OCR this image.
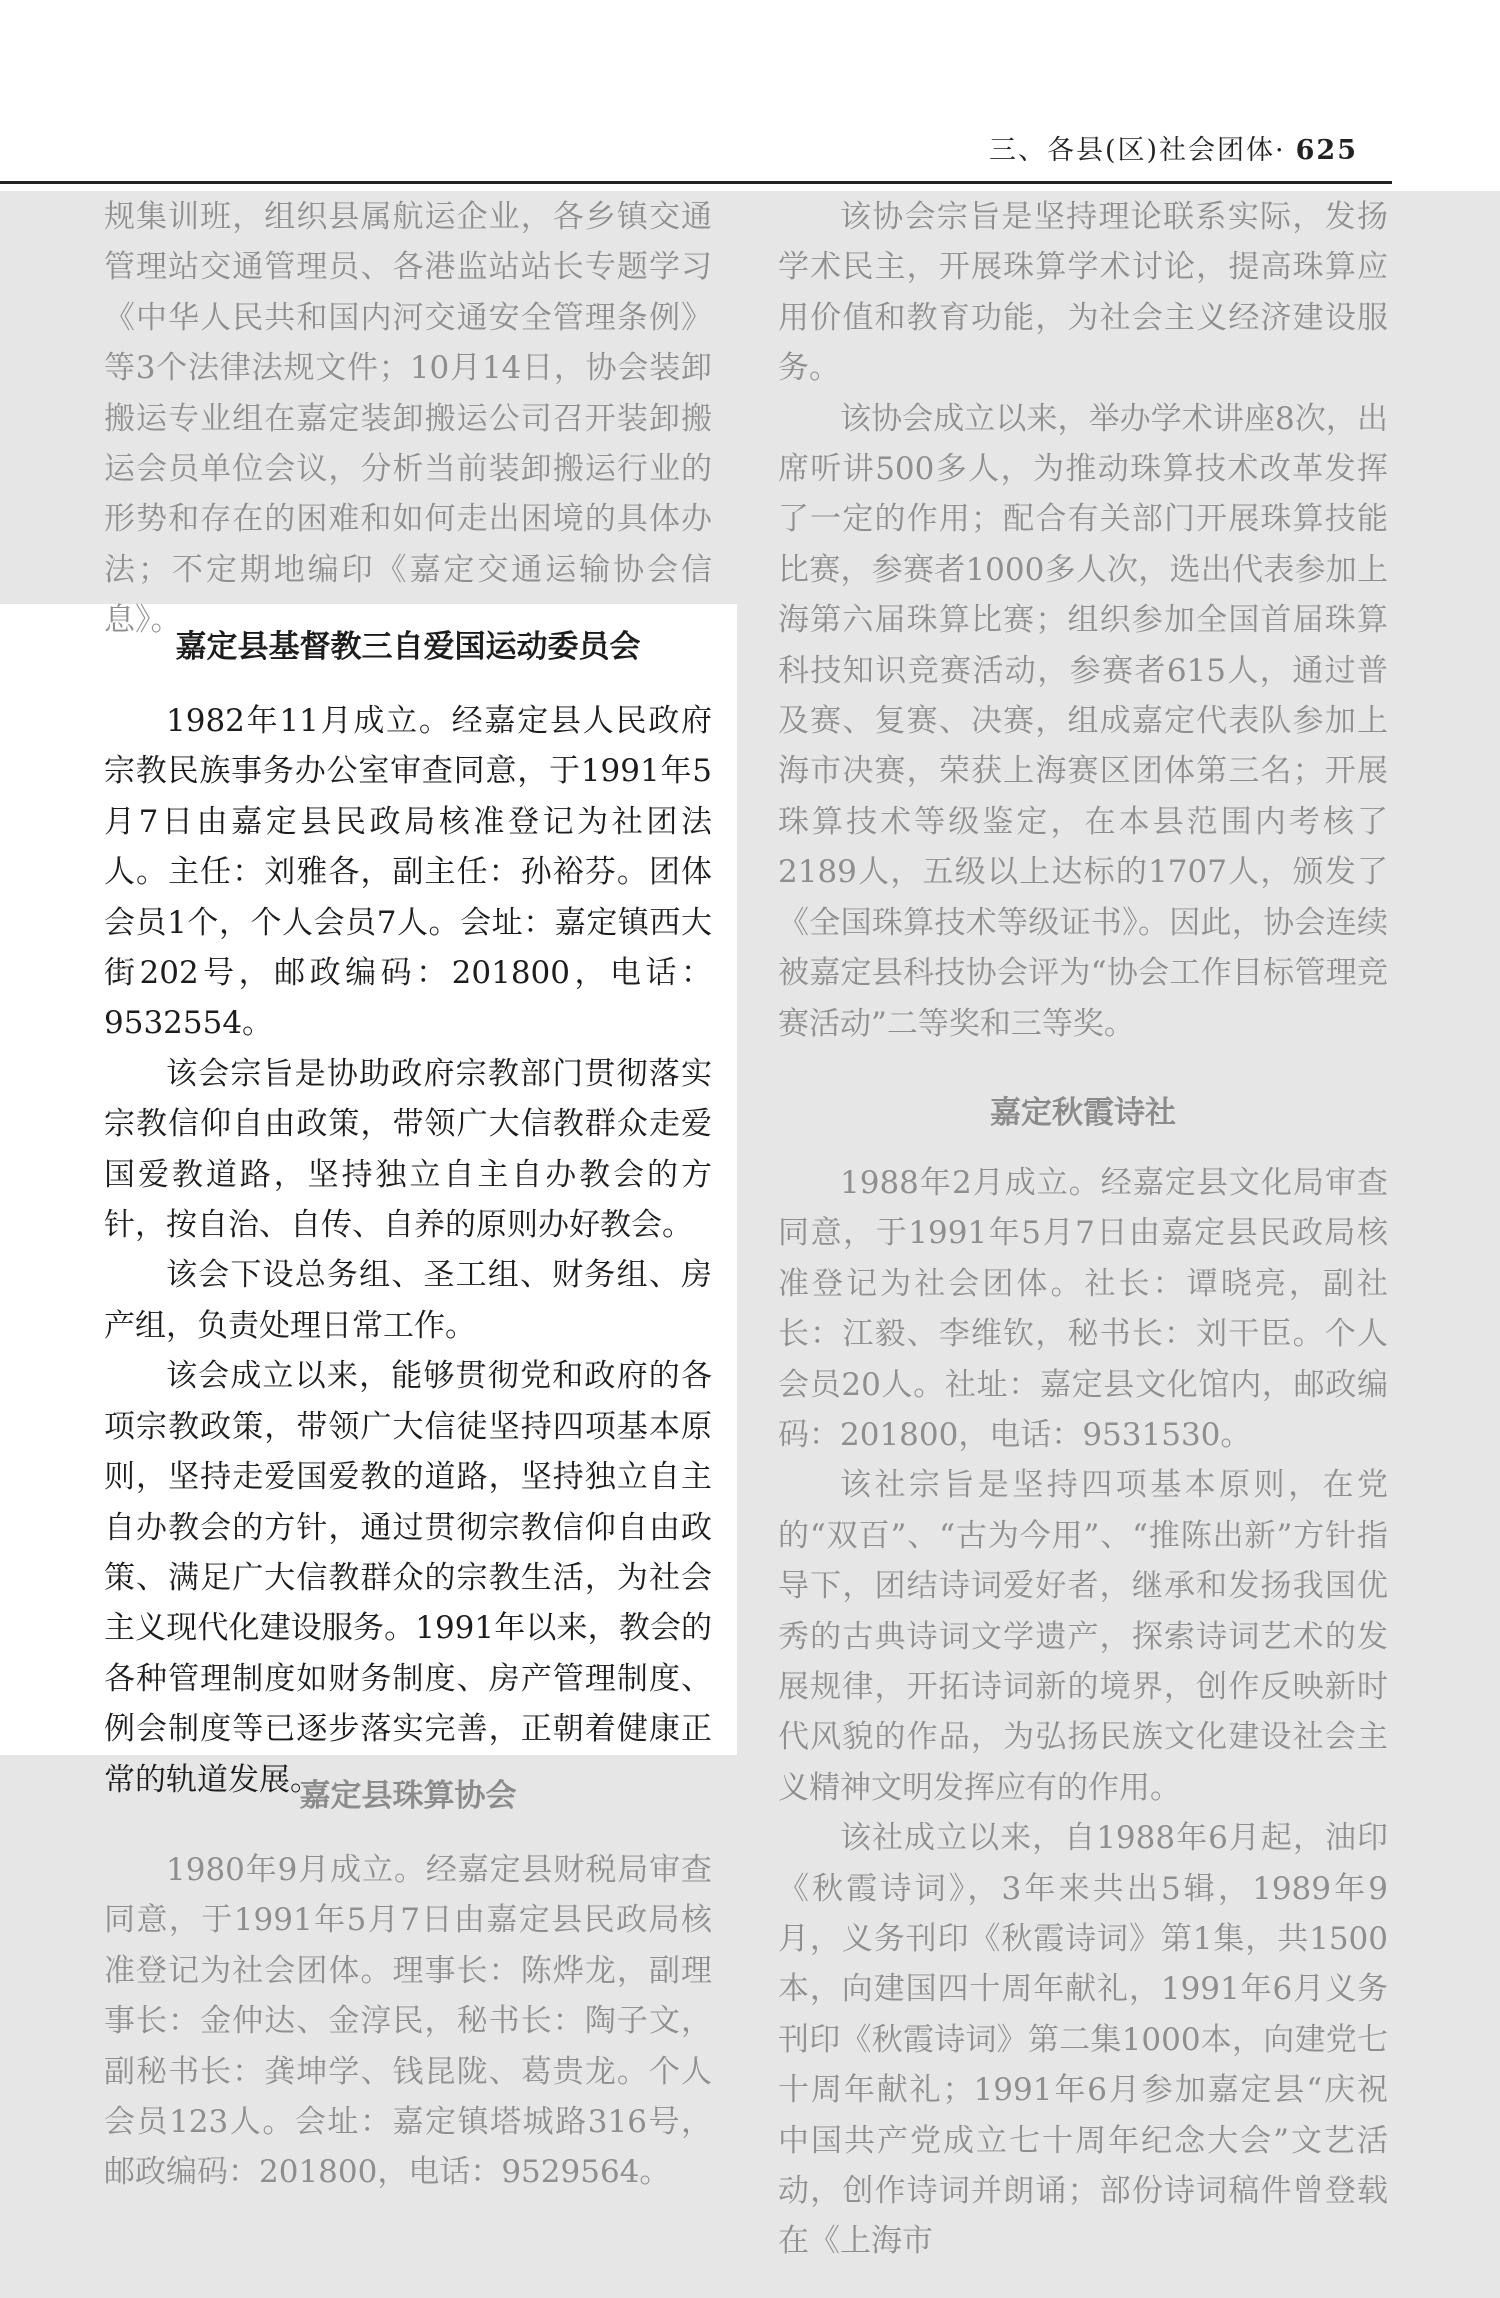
三、各县(区)社会团体· 625

规集训班，组织县属航运企业，各乡镇交通管理站交通管理员、各港监站站长专题学习《中华人民共和国内河交通安全管理条例》等3个法律法规文件；10月14日，协会装卸搬运专业组在嘉定装卸搬运公司召开装卸搬运会员单位会议，分析当前装卸搬运行业的形势和存在的困难和如何走出困境的具体办法；不定期地编印《嘉定交通运输协会信息》。

嘉定县基督教三自爱国运动委员会

1982年11月成立。经嘉定县人民政府宗教民族事务办公室审查同意，于1991年5月7日由嘉定县民政局核准登记为社团法人。主任：刘雅各，副主任：孙裕芬。团体会员1个，个人会员7人。会址：嘉定镇西大街202号，邮政编码：201800，电话：9532554。

该会宗旨是协助政府宗教部门贯彻落实宗教信仰自由政策，带领广大信教群众走爱国爱教道路，坚持独立自主自办教会的方针，按自治、自传、自养的原则办好教会。

该会下设总务组、圣工组、财务组、房产组，负责处理日常工作。

该会成立以来，能够贯彻党和政府的各项宗教政策，带领广大信徒坚持四项基本原则，坚持走爱国爱教的道路，坚持独立自主自办教会的方针，通过贯彻宗教信仰自由政策、满足广大信教群众的宗教生活，为社会主义现代化建设服务。1991年以来，教会的各种管理制度如财务制度、房产管理制度、例会制度等已逐步落实完善，正朝着健康正常的轨道发展。

嘉定县珠算协会

1980年9月成立。经嘉定县财税局审查同意，于1991年5月7日由嘉定县民政局核准登记为社会团体。理事长：陈烨龙，副理事长：金仲达、金淳民，秘书长：陶子文，副秘书长：龚坤学、钱昆陇、葛贵龙。个人会员123人。会址：嘉定镇塔城路316号，邮政编码：201800，电话：9529564。

该协会宗旨是坚持理论联系实际，发扬学术民主，开展珠算学术讨论，提高珠算应用价值和教育功能，为社会主义经济建设服务。

该协会成立以来，举办学术讲座8次，出席听讲500多人，为推动珠算技术改革发挥了一定的作用；配合有关部门开展珠算技能比赛，参赛者1000多人次，选出代表参加上海第六届珠算比赛；组织参加全国首届珠算科技知识竞赛活动，参赛者615人，通过普及赛、复赛、决赛，组成嘉定代表队参加上海市决赛，荣获上海赛区团体第三名；开展珠算技术等级鉴定，在本县范围内考核了2189人，五级以上达标的1707人，颁发了《全国珠算技术等级证书》。因此，协会连续被嘉定县科技协会评为“协会工作目标管理竞赛活动”二等奖和三等奖。

嘉定秋霞诗社

1988年2月成立。经嘉定县文化局审查同意，于1991年5月7日由嘉定县民政局核准登记为社会团体。社长：谭晓亮，副社长：江毅、李维钦，秘书长：刘干臣。个人会员20人。社址：嘉定县文化馆内，邮政编码：201800，电话：9531530。

该社宗旨是坚持四项基本原则，在党的“双百”、“古为今用”、“推陈出新”方针指导下，团结诗词爱好者，继承和发扬我国优秀的古典诗词文学遗产，探索诗词艺术的发展规律，开拓诗词新的境界，创作反映新时代风貌的作品，为弘扬民族文化建设社会主义精神文明发挥应有的作用。

该社成立以来，自1988年6月起，油印《秋霞诗词》，3年来共出5辑，1989年9月，义务刊印《秋霞诗词》第1集，共1500本，向建国四十周年献礼，1991年6月义务刊印《秋霞诗词》第二集1000本，向建党七十周年献礼；1991年6月参加嘉定县“庆祝中国共产党成立七十周年纪念大会”文艺活动，创作诗词并朗诵；部份诗词稿件曾登载在《上海市
